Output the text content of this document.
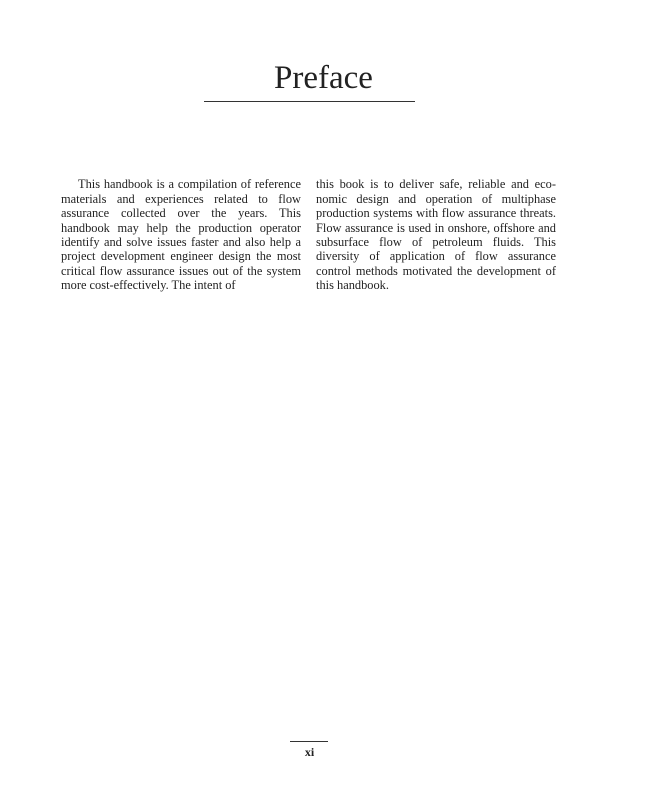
Preface

This handbook is a compilation of reference materials and experiences related to flow assurance collected over the years. This handbook may help the production operator identify and solve issues faster and also help a project development engineer design the most critical flow assurance issues out of the system more cost-effectively. The intent of

this book is to deliver safe, reliable and economic design and operation of multiphase production systems with flow assurance threats. Flow assurance is used in onshore, offshore and subsurface flow of petroleum fluids. This diversity of application of flow assurance control methods motivated the development of this handbook.

xi
